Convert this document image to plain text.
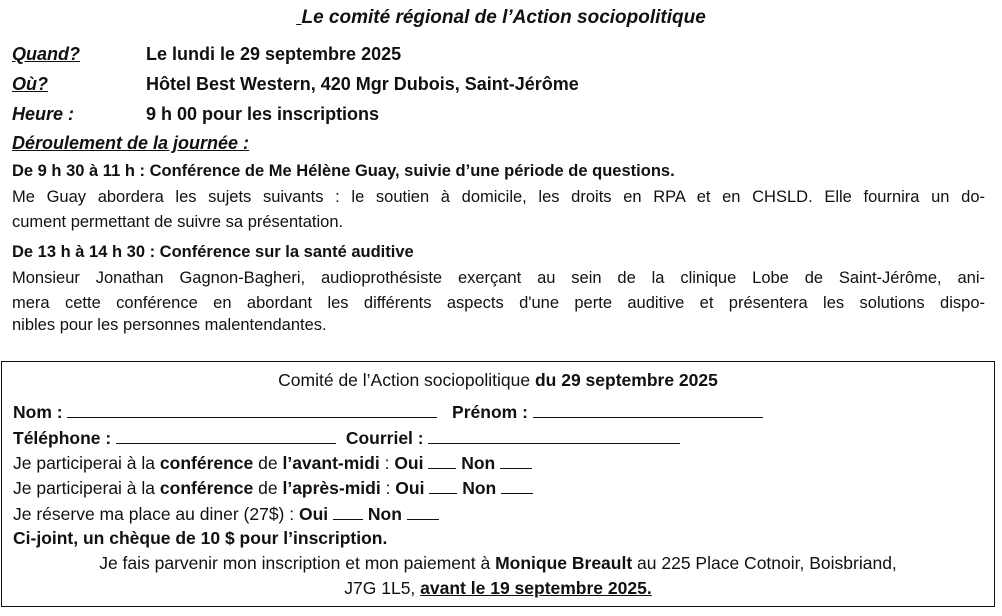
Le comité régional de l’Action sociopolitique
Quand?	Le lundi le 29 septembre 2025
Où?	Hôtel Best Western, 420 Mgr Dubois, Saint-Jérôme
Heure :	9 h 00 pour les inscriptions
Déroulement de la journée :
De 9 h 30 à 11 h : Conférence de Me Hélène Guay, suivie d’une période de questions.
Me Guay abordera les sujets suivants : le soutien à domicile, les droits en RPA et en CHSLD. Elle fournira un do-
cument permettant de suivre sa présentation.
De 13 h à 14 h 30 : Conférence sur la santé auditive
Monsieur Jonathan Gagnon-Bagheri, audioprothésiste exerçant au sein de la clinique Lobe de Saint-Jérôme, ani-
mera cette conférence en abordant les différents aspects d'une perte auditive et présentera les solutions dispo-
nibles pour les personnes malentendantes.
Comité de l’Action sociopolitique du 29 septembre 2025
Nom :	Prénom :
Téléphone :	Courriel :
Je participerai à la conférence de l’avant-midi : Oui Non
Je participerai à la conférence de l’après-midi : Oui Non
Je réserve ma place au diner (27$) : Oui Non
Ci-joint, un chèque de 10 $ pour l’inscription.
Je fais parvenir mon inscription et mon paiement à Monique Breault au 225 Place Cotnoir, Boisbriand,
J7G 1L5, avant le 19 septembre 2025.
